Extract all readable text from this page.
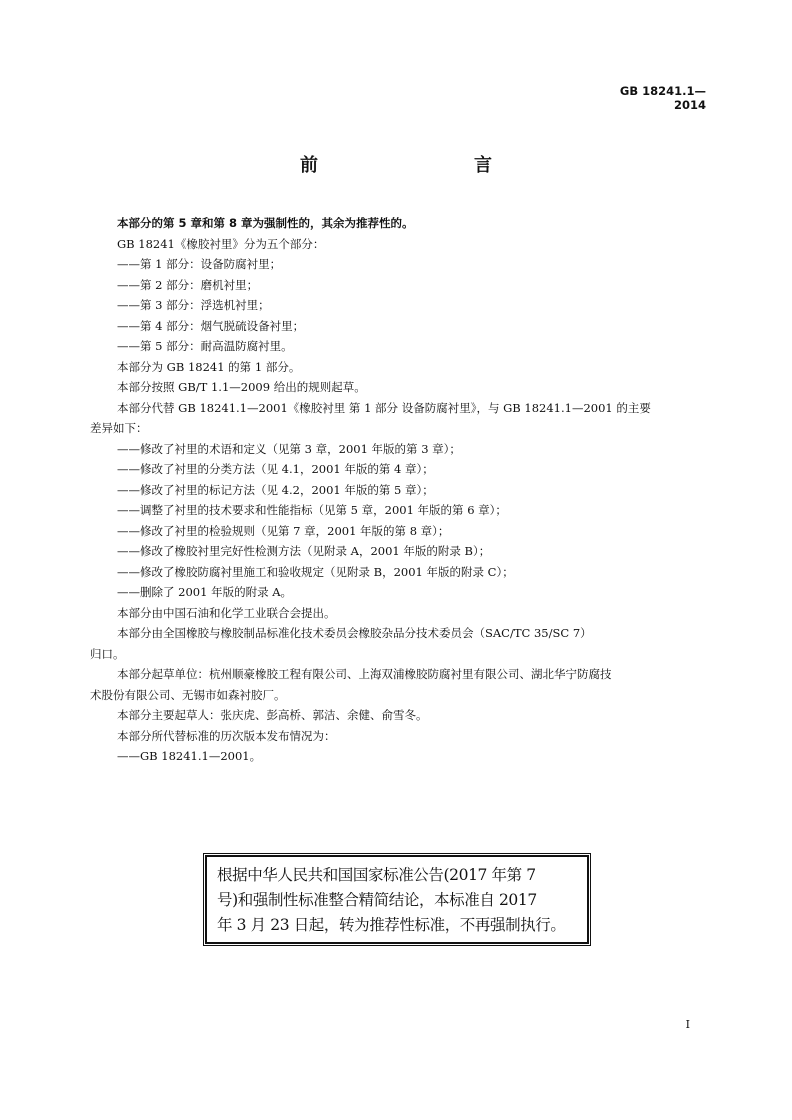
GB 18241.1—2014
前　　言
本部分的第 5 章和第 8 章为强制性的，其余为推荐性的。
GB 18241《橡胶衬里》分为五个部分：
——第 1 部分：设备防腐衬里；
——第 2 部分：磨机衬里；
——第 3 部分：浮选机衬里；
——第 4 部分：烟气脱硫设备衬里；
——第 5 部分：耐高温防腐衬里。
本部分为 GB 18241 的第 1 部分。
本部分按照 GB/T 1.1—2009 给出的规则起草。
本部分代替 GB 18241.1—2001《橡胶衬里 第 1 部分 设备防腐衬里》，与 GB 18241.1—2001 的主要
差异如下：
——修改了衬里的术语和定义（见第 3 章，2001 年版的第 3 章）；
——修改了衬里的分类方法（见 4.1，2001 年版的第 4 章）；
——修改了衬里的标记方法（见 4.2，2001 年版的第 5 章）；
——调整了衬里的技术要求和性能指标（见第 5 章，2001 年版的第 6 章）；
——修改了衬里的检验规则（见第 7 章，2001 年版的第 8 章）；
——修改了橡胶衬里完好性检测方法（见附录 A，2001 年版的附录 B）；
——修改了橡胶防腐衬里施工和验收规定（见附录 B，2001 年版的附录 C）；
——删除了 2001 年版的附录 A。
本部分由中国石油和化学工业联合会提出。
本部分由全国橡胶与橡胶制品标准化技术委员会橡胶杂品分技术委员会（SAC/TC 35/SC 7）
归口。
本部分起草单位：杭州顺豪橡胶工程有限公司、上海双浦橡胶防腐衬里有限公司、湖北华宁防腐技
术股份有限公司、无锡市如森衬胶厂。
本部分主要起草人：张庆虎、彭高桥、郭洁、余健、俞雪冬。
本部分所代替标准的历次版本发布情况为：
——GB 18241.1—2001。
根据中华人民共和国国家标准公告(2017 年第 7
号)和强制性标准整合精简结论，本标准自 2017
年 3 月 23 日起，转为推荐性标准，不再强制执行。
I
